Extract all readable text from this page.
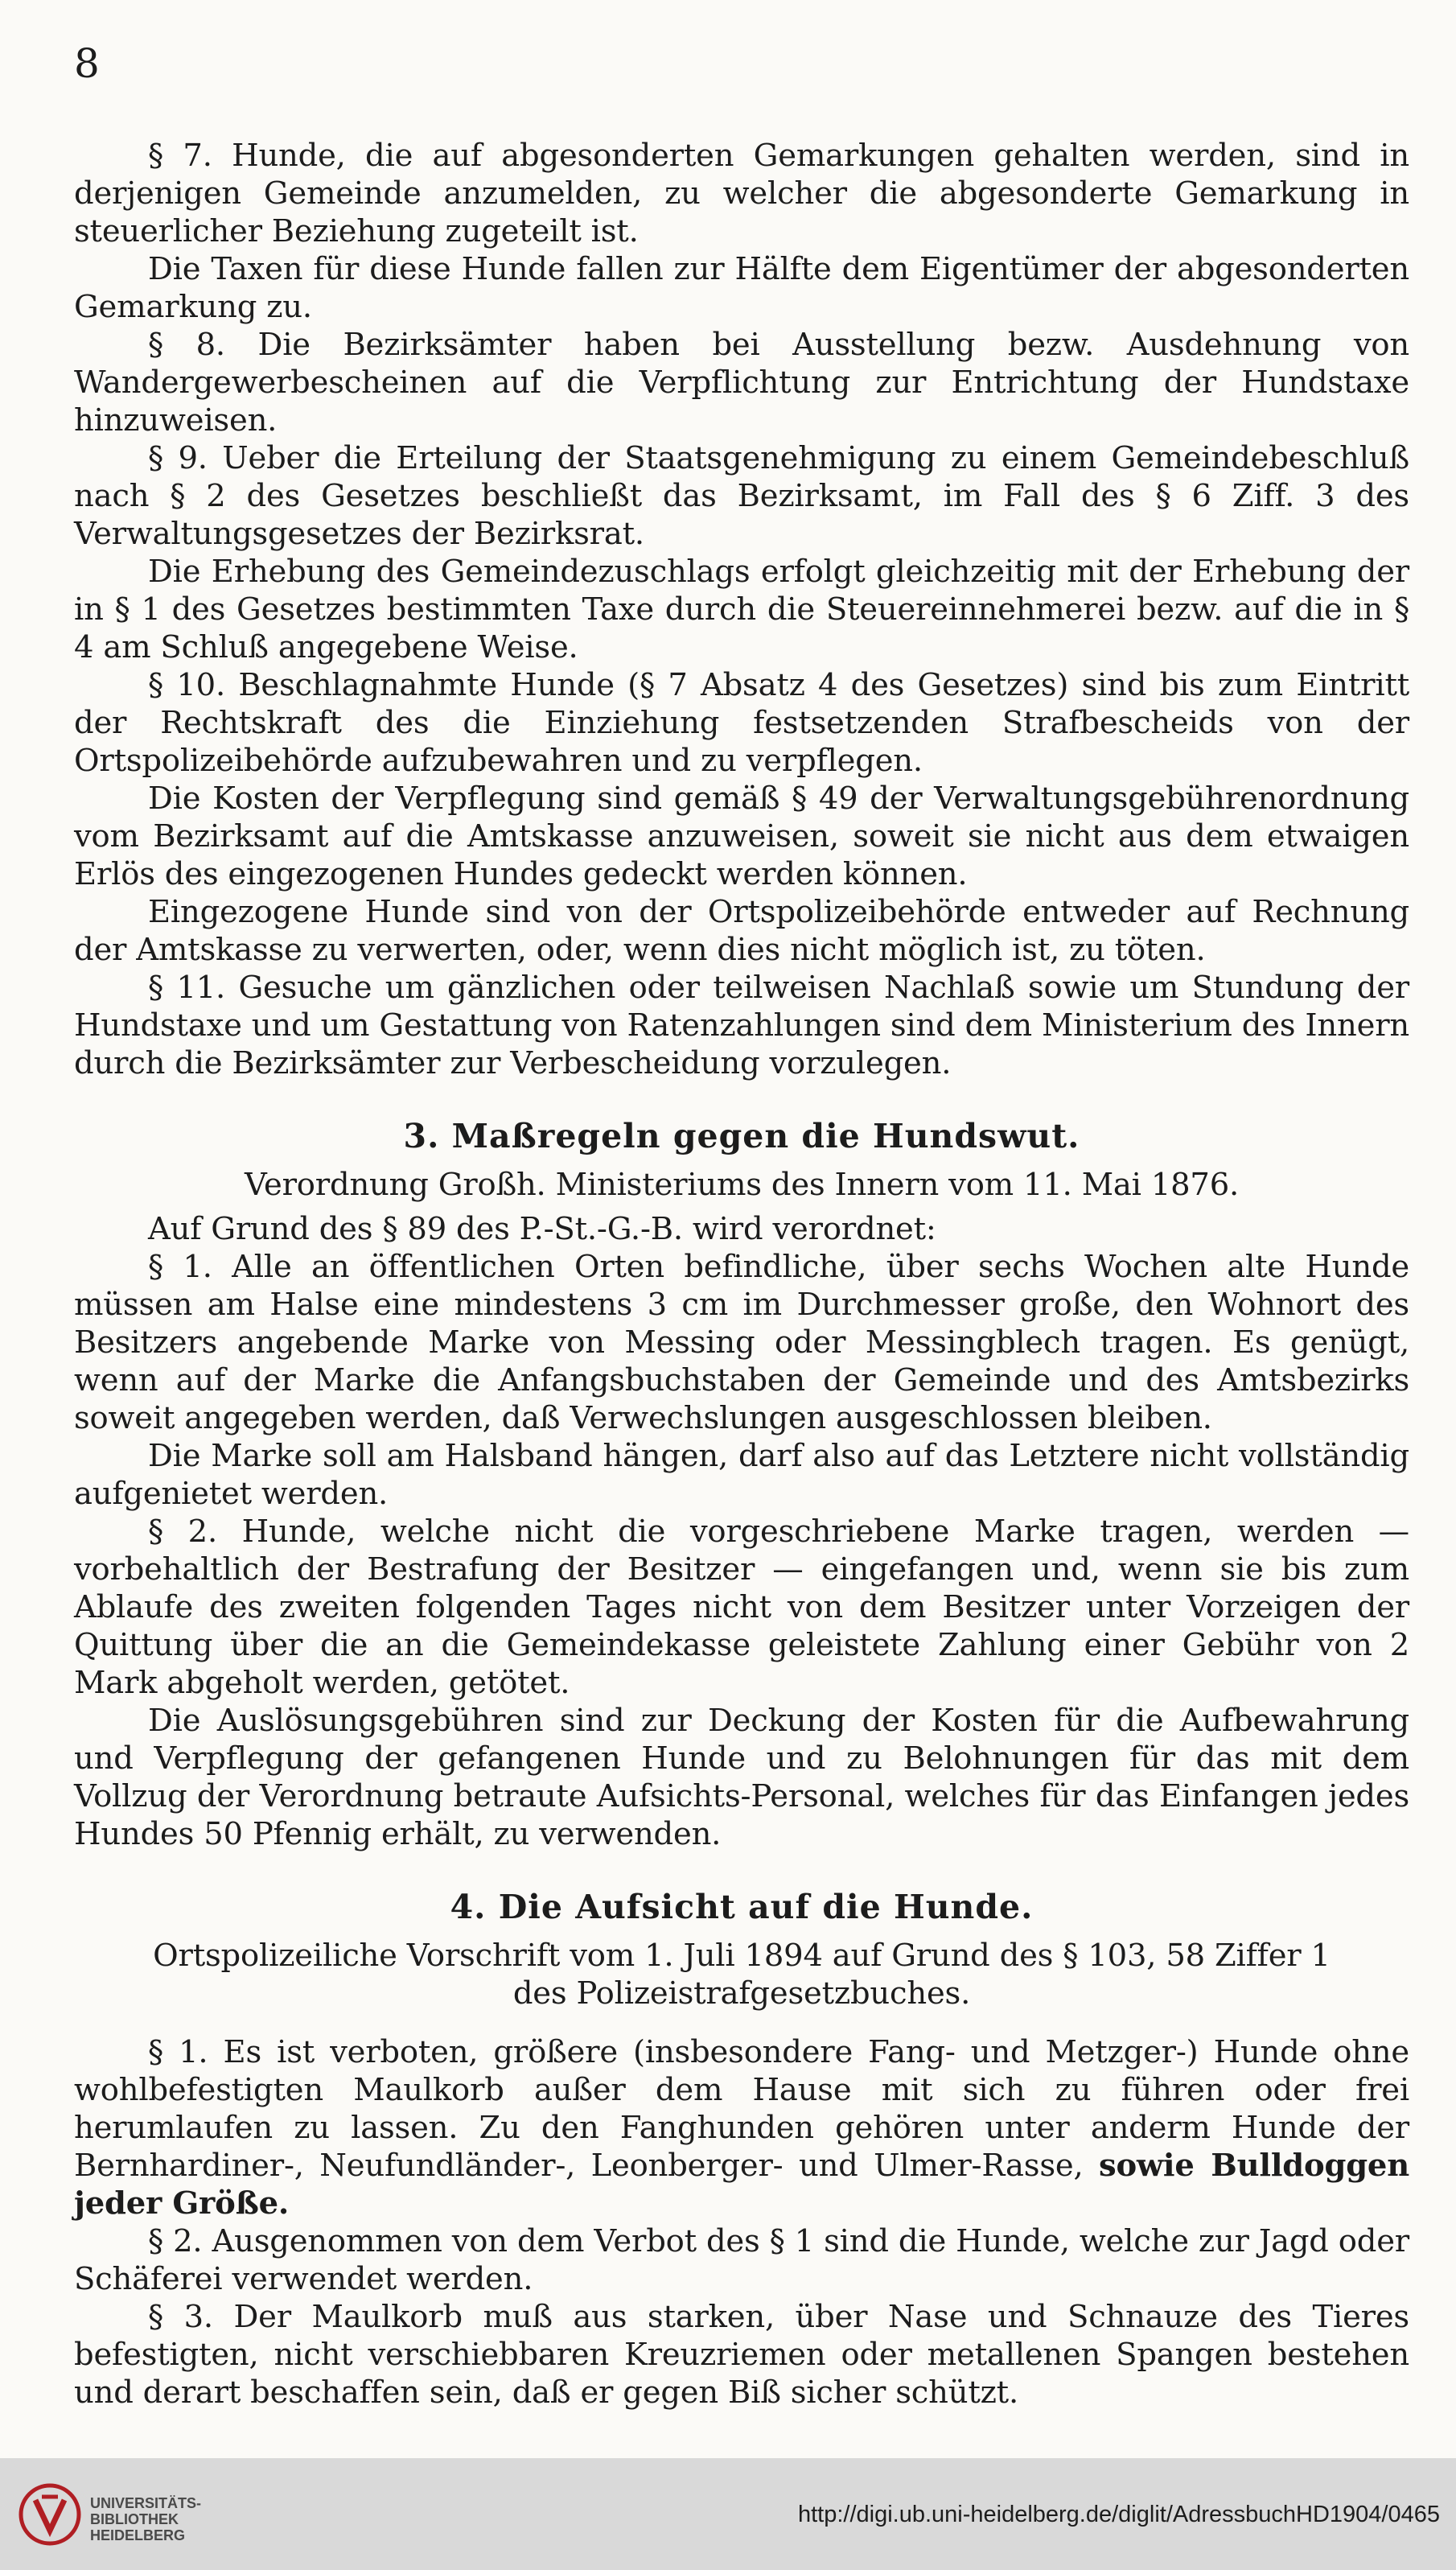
8

§ 7. Hunde, die auf abgesonderten Gemarkungen gehalten werden, sind in derjenigen Gemeinde anzumelden, zu welcher die abgesonderte Gemarkung in steuerlicher Beziehung zugeteilt ist.

Die Taxen für diese Hunde fallen zur Hälfte dem Eigentümer der abgesonderten Gemarkung zu.

§ 8. Die Bezirksämter haben bei Ausstellung bezw. Ausdehnung von Wandergewerbescheinen auf die Verpflichtung zur Entrichtung der Hundstaxe hinzuweisen.

§ 9. Ueber die Erteilung der Staatsgenehmigung zu einem Gemeindebeschluß nach § 2 des Gesetzes beschließt das Bezirksamt, im Fall des § 6 Ziff. 3 des Verwaltungsgesetzes der Bezirksrat.

Die Erhebung des Gemeindezuschlags erfolgt gleichzeitig mit der Erhebung der in § 1 des Gesetzes bestimmten Taxe durch die Steuereinnehmerei bezw. auf die in § 4 am Schluß angegebene Weise.

§ 10. Beschlagnahmte Hunde (§ 7 Absatz 4 des Gesetzes) sind bis zum Eintritt der Rechtskraft des die Einziehung festsetzenden Strafbescheids von der Ortspolizeibehörde aufzubewahren und zu verpflegen.

Die Kosten der Verpflegung sind gemäß § 49 der Verwaltungsgebührenordnung vom Bezirksamt auf die Amtskasse anzuweisen, soweit sie nicht aus dem etwaigen Erlös des eingezogenen Hundes gedeckt werden können.

Eingezogene Hunde sind von der Ortspolizeibehörde entweder auf Rechnung der Amtskasse zu verwerten, oder, wenn dies nicht möglich ist, zu töten.

§ 11. Gesuche um gänzlichen oder teilweisen Nachlaß sowie um Stundung der Hundstaxe und um Gestattung von Ratenzahlungen sind dem Ministerium des Innern durch die Bezirksämter zur Verbescheidung vorzulegen.

3. Maßregeln gegen die Hundswut.

Verordnung Großh. Ministeriums des Innern vom 11. Mai 1876.

Auf Grund des § 89 des P.-St.-G.-B. wird verordnet:

§ 1. Alle an öffentlichen Orten befindliche, über sechs Wochen alte Hunde müssen am Halse eine mindestens 3 cm im Durchmesser große, den Wohnort des Besitzers angebende Marke von Messing oder Messingblech tragen. Es genügt, wenn auf der Marke die Anfangsbuchstaben der Gemeinde und des Amtsbezirks soweit angegeben werden, daß Verwechslungen ausgeschlossen bleiben.

Die Marke soll am Halsband hängen, darf also auf das Letztere nicht vollständig aufgenietet werden.

§ 2. Hunde, welche nicht die vorgeschriebene Marke tragen, werden — vorbehaltlich der Bestrafung der Besitzer — eingefangen und, wenn sie bis zum Ablaufe des zweiten folgenden Tages nicht von dem Besitzer unter Vorzeigen der Quittung über die an die Gemeindekasse geleistete Zahlung einer Gebühr von 2 Mark abgeholt werden, getötet.

Die Auslösungsgebühren sind zur Deckung der Kosten für die Aufbewahrung und Verpflegung der gefangenen Hunde und zu Belohnungen für das mit dem Vollzug der Verordnung betraute Aufsichts-Personal, welches für das Einfangen jedes Hundes 50 Pfennig erhält, zu verwenden.

4. Die Aufsicht auf die Hunde.

Ortspolizeiliche Vorschrift vom 1. Juli 1894 auf Grund des § 103, 58 Ziffer 1

des Polizeistrafgesetzbuches.

§ 1. Es ist verboten, größere (insbesondere Fang- und Metzger-) Hunde ohne wohlbefestigten Maulkorb außer dem Hause mit sich zu führen oder frei herumlaufen zu lassen. Zu den Fanghunden gehören unter anderm Hunde der Bernhardiner-, Neufundländer-, Leonberger- und Ulmer-Rasse, sowie Bulldoggen jeder Größe.

§ 2. Ausgenommen von dem Verbot des § 1 sind die Hunde, welche zur Jagd oder Schäferei verwendet werden.

§ 3. Der Maulkorb muß aus starken, über Nase und Schnauze des Tieres befestigten, nicht verschiebbaren Kreuzriemen oder metallenen Spangen bestehen und derart beschaffen sein, daß er gegen Biß sicher schützt.

UNIVERSITÄTS-
BIBLIOTHEK
HEIDELBERG
http://digi.ub.uni-heidelberg.de/diglit/AdressbuchHD1904/0465
